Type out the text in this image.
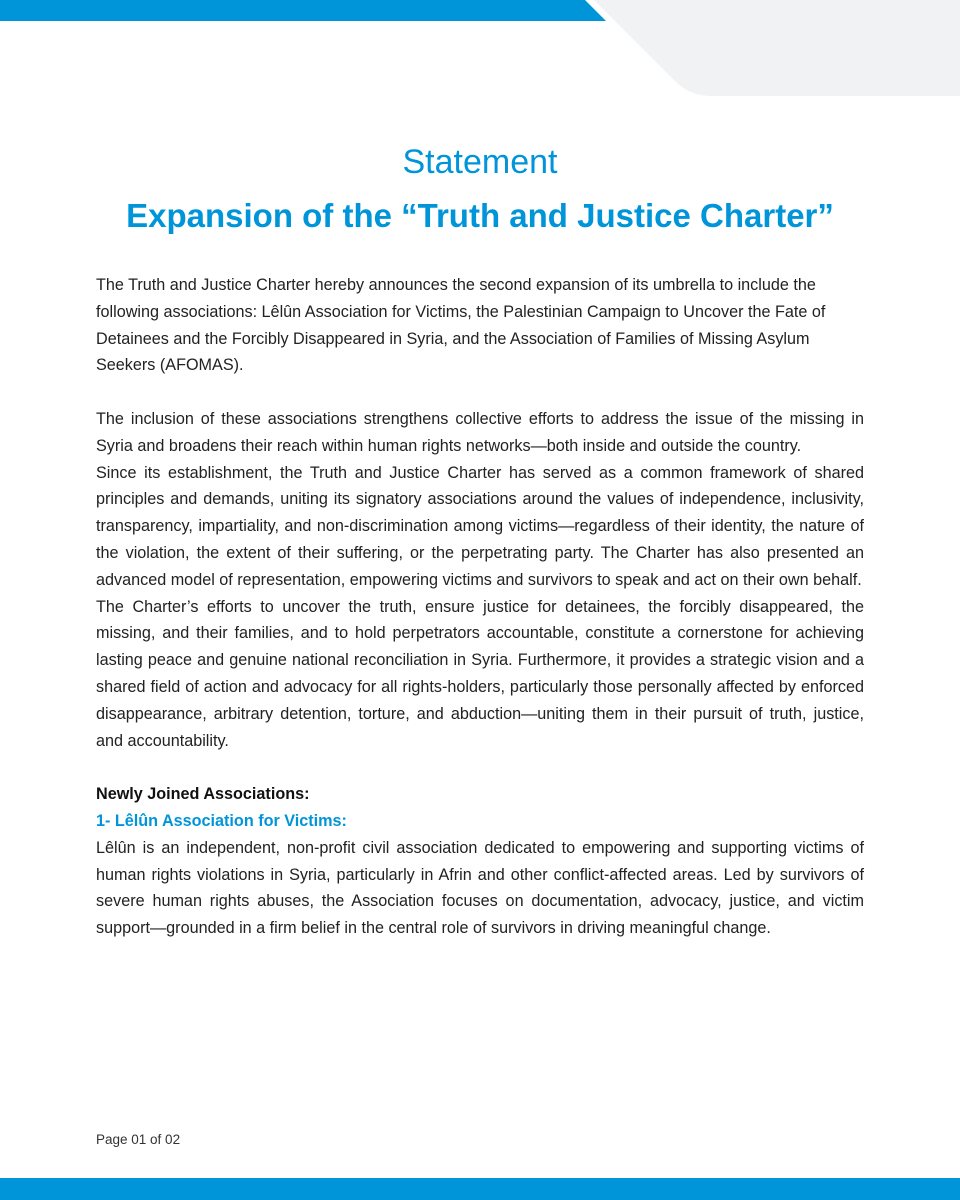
Statement
Expansion of the “Truth and Justice Charter”

The Truth and Justice Charter hereby announces the second expansion of its umbrella to include the following associations: Lêlûn Association for Victims, the Palestinian Campaign to Uncover the Fate of Detainees and the Forcibly Disappeared in Syria, and the Association of Families of Missing Asylum Seekers (AFOMAS).

The inclusion of these associations strengthens collective efforts to address the issue of the missing in Syria and broadens their reach within human rights networks—both inside and outside the country.

Since its establishment, the Truth and Justice Charter has served as a common framework of shared principles and demands, uniting its signatory associations around the values of independence, inclusivity, transparency, impartiality, and non-discrimination among victims—regardless of their identity, the nature of the violation, the extent of their suffering, or the perpetrating party. The Charter has also presented an advanced model of representation, empowering victims and survivors to speak and act on their own behalf.

The Charter’s efforts to uncover the truth, ensure justice for detainees, the forcibly disappeared, the missing, and their families, and to hold perpetrators accountable, constitute a cornerstone for achieving lasting peace and genuine national reconciliation in Syria. Furthermore, it provides a strategic vision and a shared field of action and advocacy for all rights-holders, particularly those personally affected by enforced disappearance, arbitrary detention, torture, and abduction—uniting them in their pursuit of truth, justice, and accountability.

Newly Joined Associations:
1- Lêlûn Association for Victims:

Lêlûn is an independent, non-profit civil association dedicated to empowering and supporting victims of human rights violations in Syria, particularly in Afrin and other conflict-affected areas. Led by survivors of severe human rights abuses, the Association focuses on documentation, advocacy, justice, and victim support—grounded in a firm belief in the central role of survivors in driving meaningful change.

Page 01 of 02
